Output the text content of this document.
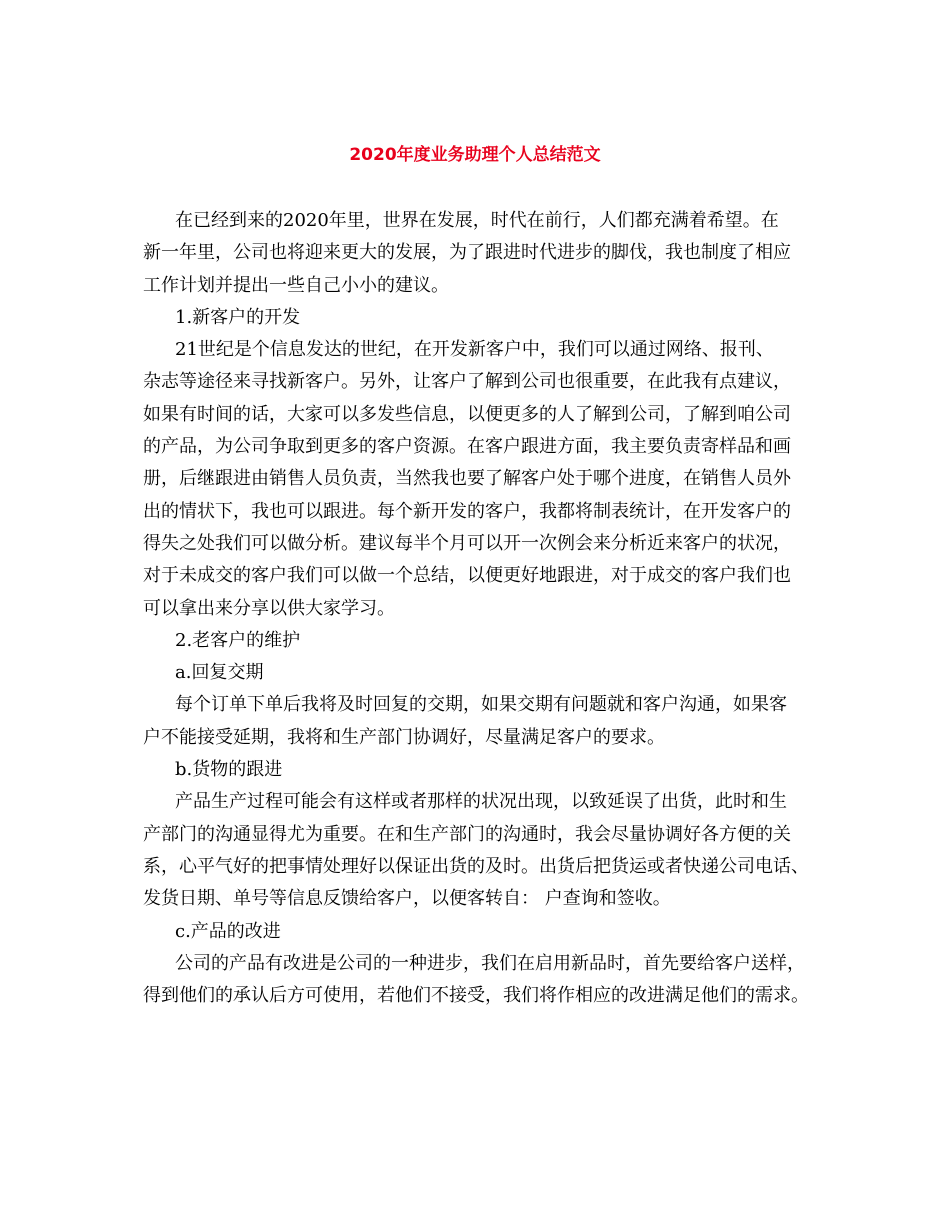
2020年度业务助理个人总结范文
在已经到来的2020年里，世界在发展，时代在前行，人们都充满着希望。在
新一年里，公司也将迎来更大的发展，为了跟进时代进步的脚伐，我也制度了相应
工作计划并提出一些自己小小的建议。
1.新客户的开发
21世纪是个信息发达的世纪，在开发新客户中，我们可以通过网络、报刊、
杂志等途径来寻找新客户。另外，让客户了解到公司也很重要，在此我有点建议，
如果有时间的话，大家可以多发些信息，以便更多的人了解到公司，了解到咱公司
的产品，为公司争取到更多的客户资源。在客户跟进方面，我主要负责寄样品和画
册，后继跟进由销售人员负责，当然我也要了解客户处于哪个进度，在销售人员外
出的情状下，我也可以跟进。每个新开发的客户，我都将制表统计，在开发客户的
得失之处我们可以做分析。建议每半个月可以开一次例会来分析近来客户的状况，
对于未成交的客户我们可以做一个总结，以便更好地跟进，对于成交的客户我们也
可以拿出来分享以供大家学习。
2.老客户的维护
a.回复交期
每个订单下单后我将及时回复的交期，如果交期有问题就和客户沟通，如果客
户不能接受延期，我将和生产部门协调好，尽量满足客户的要求。
b.货物的跟进
产品生产过程可能会有这样或者那样的状况出现，以致延误了出货，此时和生
产部门的沟通显得尤为重要。在和生产部门的沟通时，我会尽量协调好各方便的关
系，心平气好的把事情处理好以保证出货的及时。出货后把货运或者快递公司电话、
发货日期、单号等信息反馈给客户，以便客转自： 户查询和签收。
c.产品的改进
公司的产品有改进是公司的一种进步，我们在启用新品时，首先要给客户送样，
得到他们的承认后方可使用，若他们不接受，我们将作相应的改进满足他们的需求。
